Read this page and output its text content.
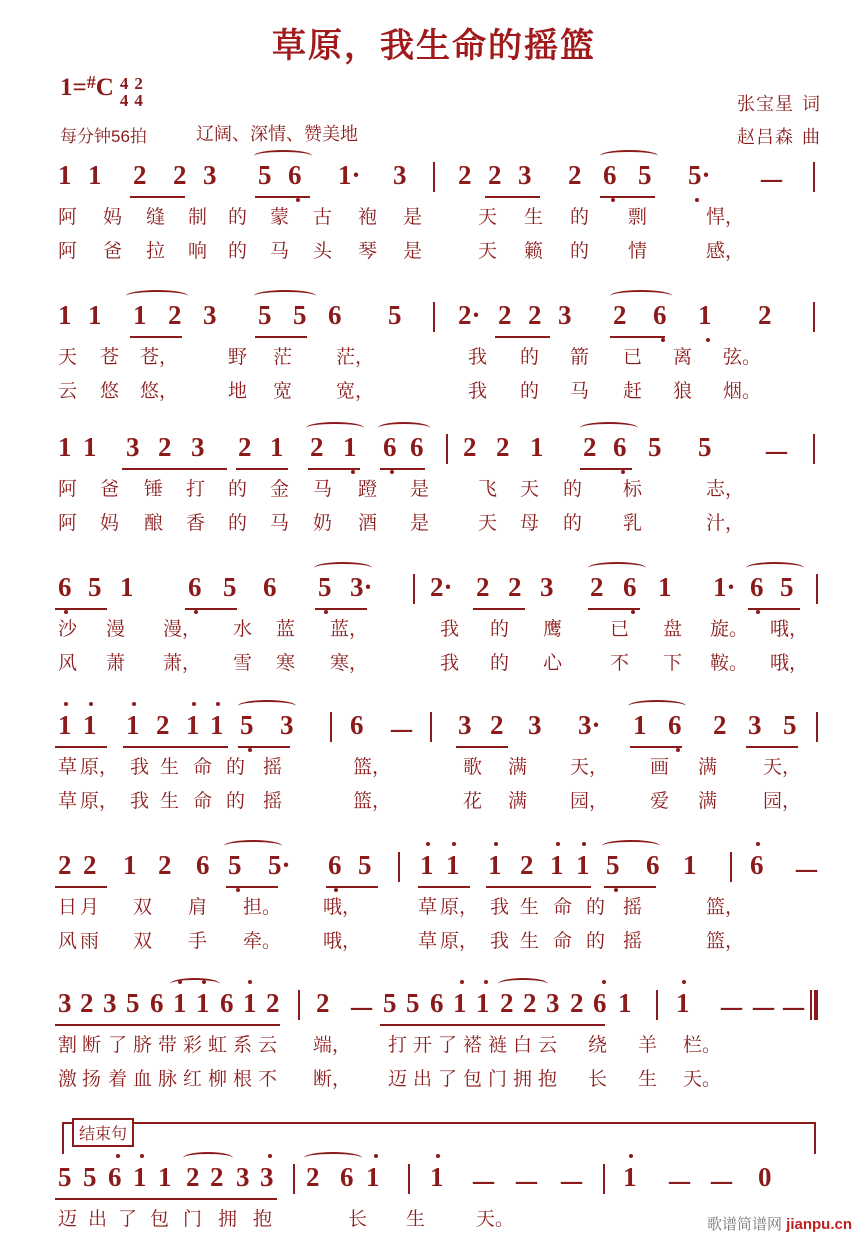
草原，我生命的摇篮
1= # C 4
4
2
4
每分钟56拍	辽阔、深情、赞美地
张宝星 词
赵吕森 曲
1 1 2 2 3 5 6 1· 3 2 2 3 2 6 5 5· －
阿 妈 缝 制 的 蒙 古 袍 是	天 生 的 剽	悍，
阿 爸 拉 响 的 马 头 琴 是	天 籁 的 情	感，
1 1 1 2 3 5 5 6 5 2· 2 2 3 2 6 1 2
天 苍 苍，	野 茫 茫，	我 的 箭 已 离 弦。
云 悠 悠，	地 宽 宽，	我 的 马 赶 狼 烟。
1 1 3 2 3 2 1 2 1 6 6 2 2 1 2 6 5 5 －
阿 爸 锤 打 的 金 马 蹬 是	飞 天 的 标	志，
阿 妈 酿 香 的 马 奶 酒 是	天 母 的 乳	汁，
6 5 1 6 5 6 5 3· 2· 2 2 3 2 6 1 1· 6 5
沙 漫 漫， 水 蓝 蓝，	我 的 鹰	已 盘 旋。 哦，
风 萧 萧， 雪 寒 寒，	我 的 心	不 下 鞍。 哦，
1 1 1 2 1 1 5 3 6 － 3 2 3 3· 1 6 2 3 5
草 原， 我 生 命 的 摇	篮，	歌 满 天， 画 满 天，
草 原， 我 生 命 的 摇	篮，	花 满 园， 爱 满 园，
2 2 1 2 6 5 5· 6 5 1 1 1 2 1 1 5 6 1 6 －
日 月 双 肩 担。 哦，	草 原， 我 生 命 的 摇	篮，
风 雨 双 手 牵。 哦，	草 原， 我 生 命 的 摇	篮，
3 2 3 5 6 1 1 6 1 2 2 － 5 5 6 1 1 2 2 3 2 6 1 1 － － －
割 断 了 脐 带 彩 虹 系 云 端， 打 开 了 褡 裢 白 云 绕 羊 栏。
激 扬 着 血 脉 红 柳 根 不 断， 迈 出 了 包 门 拥 抱 长 生 天。
结束句
5 5 6 1 1 2 2 3 3 2 6 1 1 － － － 1 － － 0
迈 出 了 包 门 拥 抱	长 生	天。	歌谱简谱网 jianpu.cn
